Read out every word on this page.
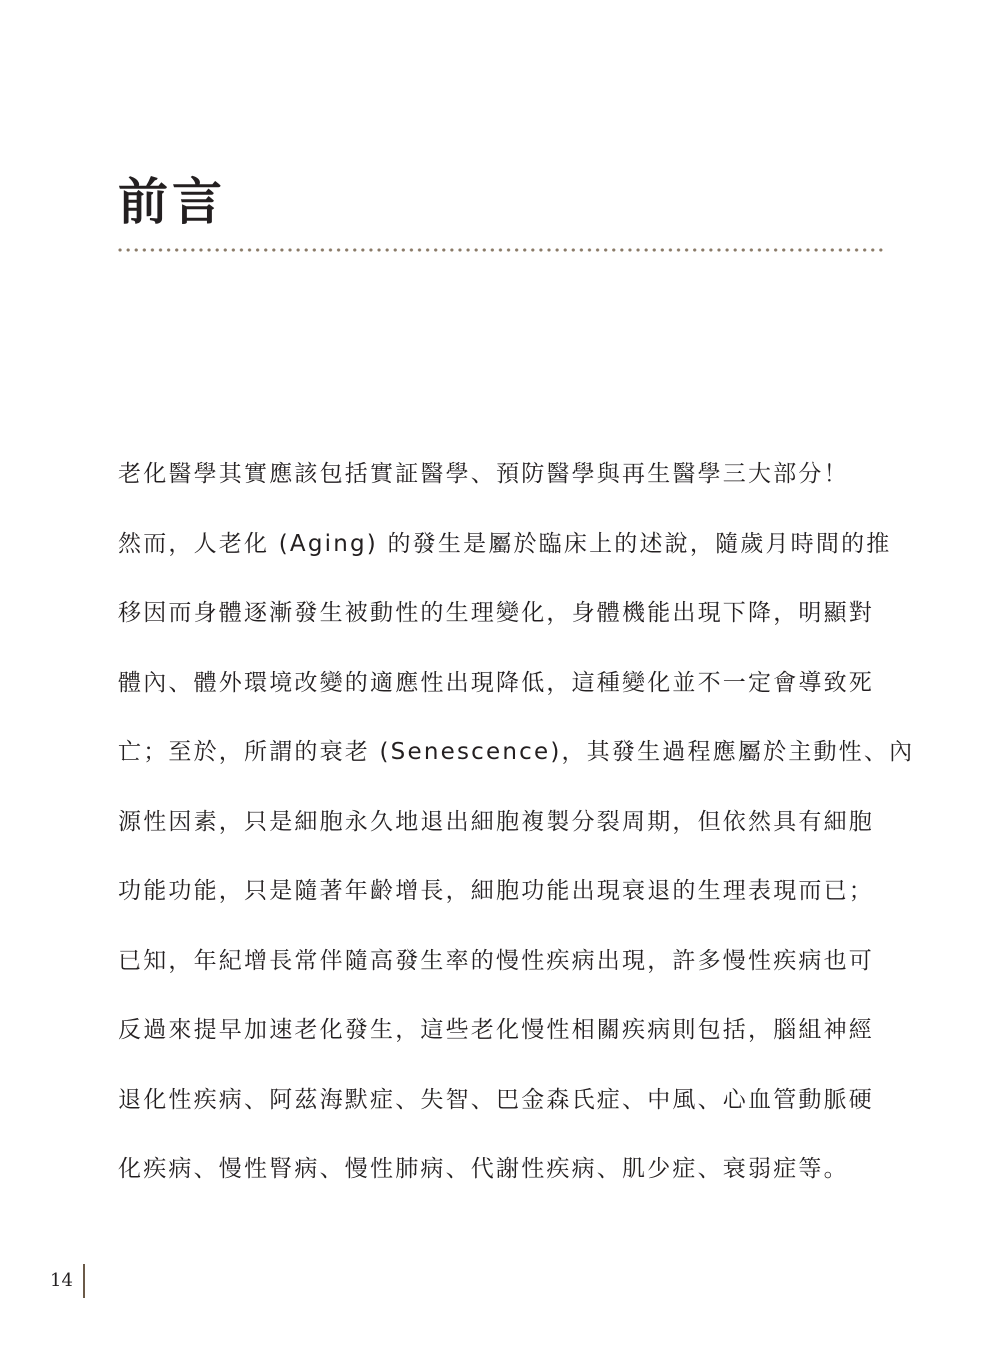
前言
老化醫學其實應該包括實証醫學、預防醫學與再生醫學三大部分！
然而，人老化 (Aging) 的發生是屬於臨床上的述說，隨歲月時間的推
移因而身體逐漸發生被動性的生理變化，身體機能出現下降，明顯對
體內、體外環境改變的適應性出現降低，這種變化並不一定會導致死
亡；至於，所謂的衰老 (Senescence)，其發生過程應屬於主動性、內
源性因素，只是細胞永久地退出細胞複製分裂周期，但依然具有細胞
功能功能，只是隨著年齡增長，細胞功能出現衰退的生理表現而已；
已知，年紀增長常伴隨高發生率的慢性疾病出現，許多慢性疾病也可
反過來提早加速老化發生，這些老化慢性相關疾病則包括，腦組神經
退化性疾病、阿茲海默症、失智、巴金森氏症、中風、心血管動脈硬
化疾病、慢性腎病、慢性肺病、代謝性疾病、肌少症、衰弱症等。
14
